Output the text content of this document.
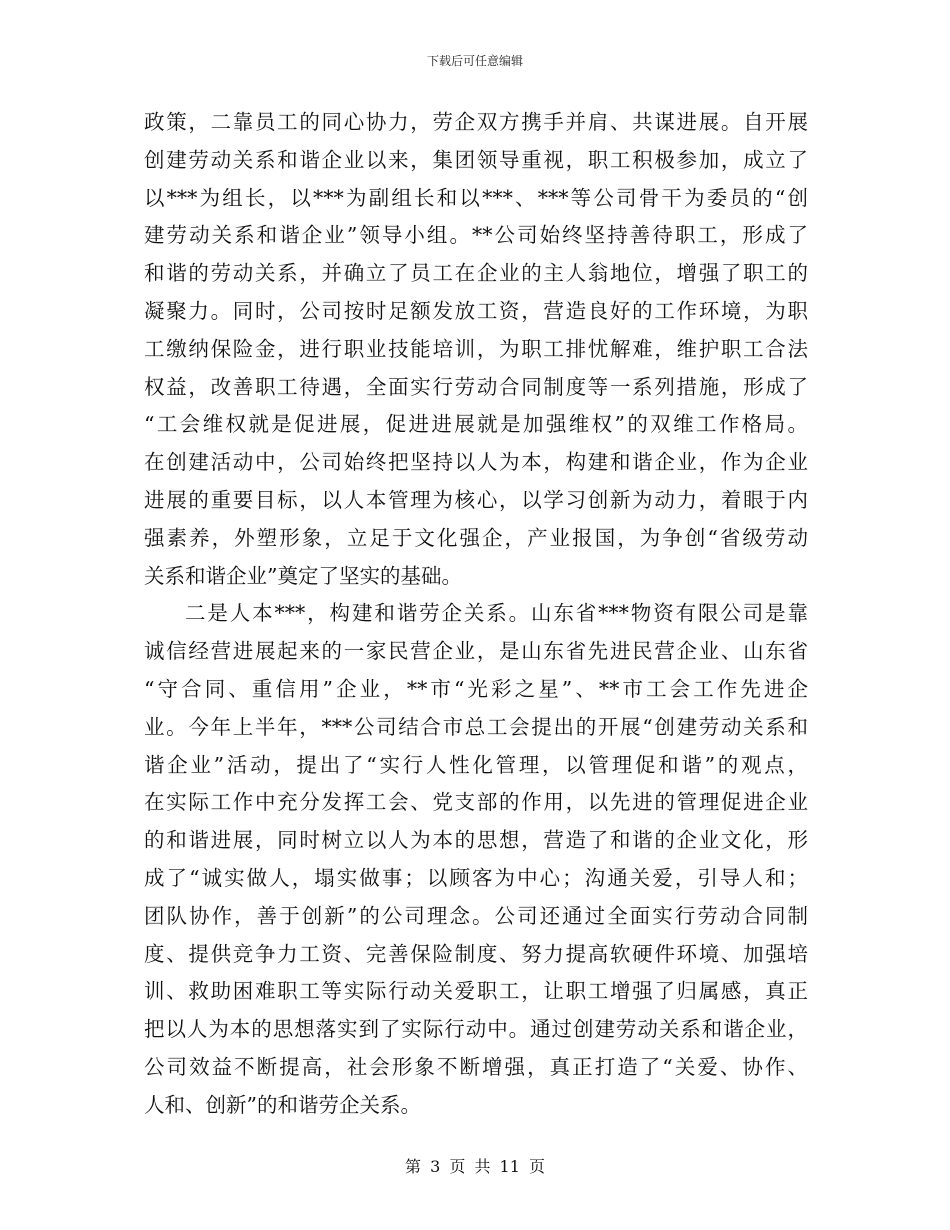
下载后可任意编辑
政策，二靠员工的同心协力，劳企双方携手并肩、共谋进展。自开展
创建劳动关系和谐企业以来，集团领导重视，职工积极参加，成立了
以***为组长，以***为副组长和以***、***等公司骨干为委员的“创
建劳动关系和谐企业”领导小组。**公司始终坚持善待职工，形成了
和谐的劳动关系，并确立了员工在企业的主人翁地位，增强了职工的
凝聚力。同时，公司按时足额发放工资，营造良好的工作环境，为职
工缴纳保险金，进行职业技能培训，为职工排忧解难，维护职工合法
权益，改善职工待遇，全面实行劳动合同制度等一系列措施，形成了
“工会维权就是促进展，促进进展就是加强维权”的双维工作格局。
在创建活动中，公司始终把坚持以人为本，构建和谐企业，作为企业
进展的重要目标，以人本管理为核心，以学习创新为动力，着眼于内
强素养，外塑形象，立足于文化强企，产业报国，为争创“省级劳动
关系和谐企业”奠定了坚实的基础。
二是人本***，构建和谐劳企关系。山东省***物资有限公司是靠
诚信经营进展起来的一家民营企业，是山东省先进民营企业、山东省
“守合同、重信用”企业，**市“光彩之星”、**市工会工作先进企
业。今年上半年，***公司结合市总工会提出的开展“创建劳动关系和
谐企业”活动，提出了“实行人性化管理，以管理促和谐”的观点，
在实际工作中充分发挥工会、党支部的作用，以先进的管理促进企业
的和谐进展，同时树立以人为本的思想，营造了和谐的企业文化，形
成了“诚实做人，塌实做事；以顾客为中心；沟通关爱，引导人和；
团队协作，善于创新”的公司理念。公司还通过全面实行劳动合同制
度、提供竞争力工资、完善保险制度、努力提高软硬件环境、加强培
训、救助困难职工等实际行动关爱职工，让职工增强了归属感，真正
把以人为本的思想落实到了实际行动中。通过创建劳动关系和谐企业，
公司效益不断提高，社会形象不断增强，真正打造了“关爱、协作、
人和、创新”的和谐劳企关系。
第 3 页 共 11 页
